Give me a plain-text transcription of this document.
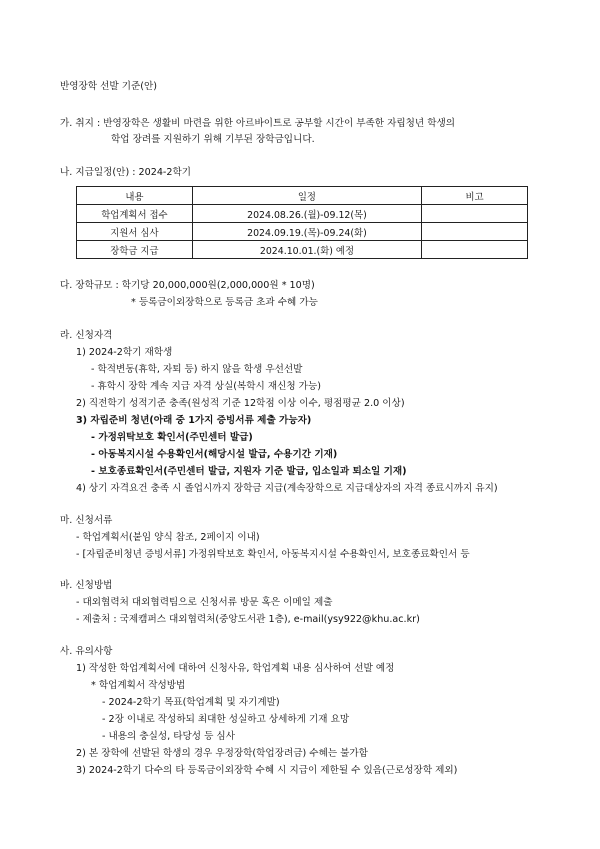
반영장학 선발 기준(안)
가. 취지 : 반영장학은 생활비 마련을 위한 아르바이트로 공부할 시간이 부족한 자립청년 학생의
학업 장려를 지원하기 위해 기부된 장학금입니다.
나. 지급일정(안) : 2024-2학기
내용	일정	비고
학업계획서 접수	2024.08.26.(월)-09.12(목)	
지원서 심사	2024.09.19.(목)-09.24(화)	
장학금 지급	2024.10.01.(화) 예정	
다. 장학규모 : 학기당 20,000,000원(2,000,000원 * 10명)
* 등록금이외장학으로 등록금 초과 수혜 가능
라. 신청자격
1) 2024-2학기 재학생
- 학적변동(휴학, 자퇴 등) 하지 않을 학생 우선선발
- 휴학시 장학 계속 지급 자격 상실(복학시 재신청 가능)
2) 직전학기 성적기준 충족(원성적 기준 12학점 이상 이수, 평점평균 2.0 이상)
3) 자립준비 청년(아래 중 1가지 증빙서류 제출 가능자)
- 가정위탁보호 확인서(주민센터 발급)
- 아동복지시설 수용확인서(해당시설 발급, 수용기간 기재)
- 보호종료확인서(주민센터 발급, 지원자 기준 발급, 입소일과 퇴소일 기재)
4) 상기 자격요건 충족 시 졸업시까지 장학금 지급(계속장학으로 지급대상자의 자격 종료시까지 유지)
마. 신청서류
- 학업계획서(붙임 양식 참조, 2페이지 이내)
- [자립준비청년 증빙서류] 가정위탁보호 확인서, 아동복지시설 수용확인서, 보호종료확인서 등
바. 신청방법
- 대외협력처 대외협력팀으로 신청서류 방문 혹은 이메일 제출
- 제출처 : 국제캠퍼스 대외협력처(중앙도서관 1층), e-mail(ysy922@khu.ac.kr)
사. 유의사항
1) 작성한 학업계획서에 대하여 신청사유, 학업계획 내용 심사하여 선발 예정
* 학업계획서 작성방법
- 2024-2학기 목표(학업계획 및 자기계발)
- 2장 이내로 작성하되 최대한 성실하고 상세하게 기재 요망
- 내용의 충실성, 타당성 등 심사
2) 본 장학에 선발된 학생의 경우 우정장학(학업장려금) 수혜는 불가함
3) 2024-2학기 다수의 타 등록금이외장학 수혜 시 지급이 제한될 수 있음(근로성장학 제외)
